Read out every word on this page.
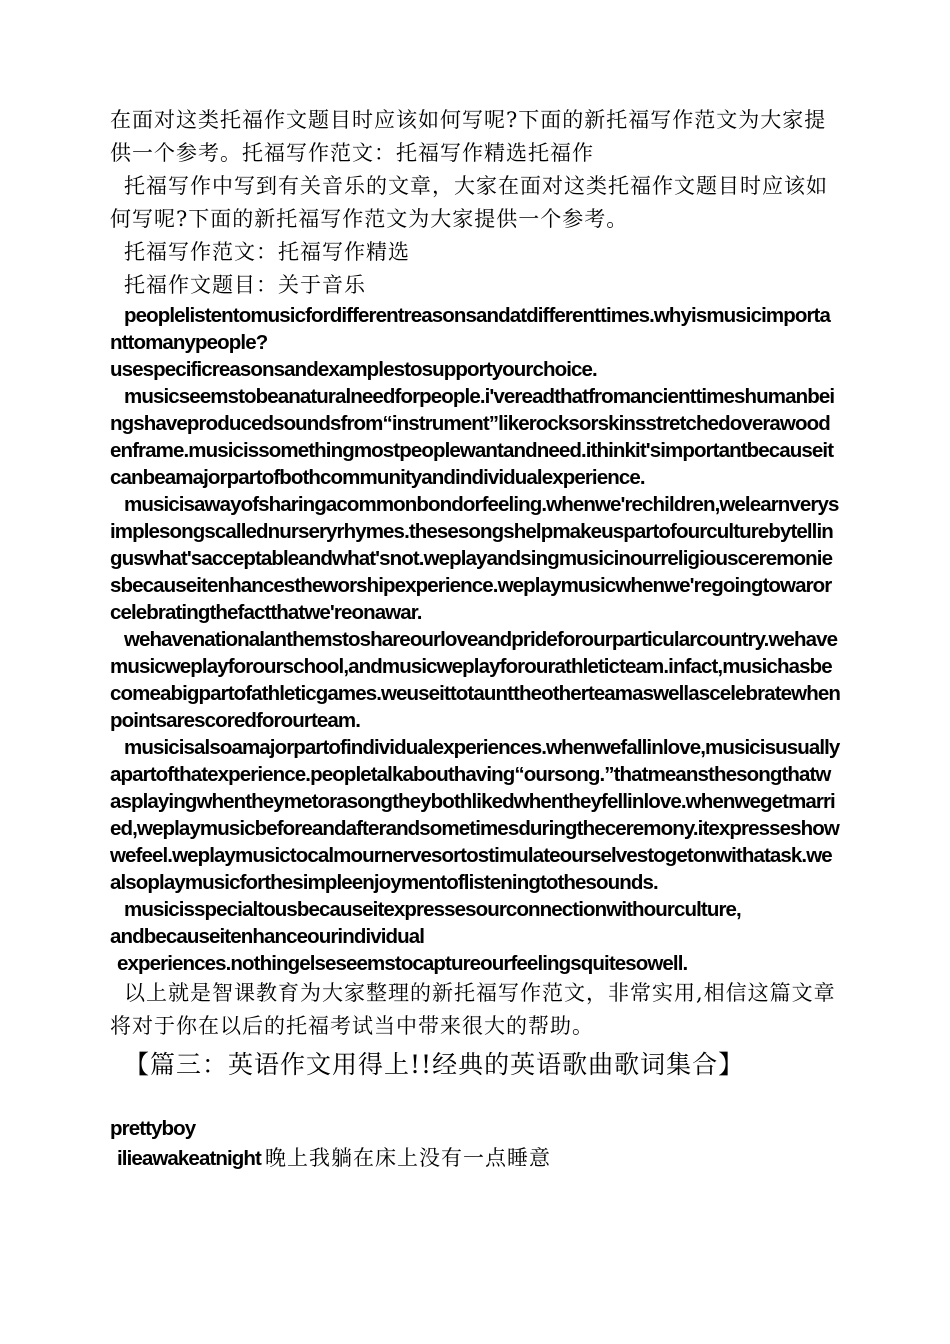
在面对这类托福作文题目时应该如何写呢?下面的新托福写作范文为大家提供一个参考。托福写作范文：托福写作精选托福作

托福写作中写到有关音乐的文章，大家在面对这类托福作文题目时应该如何写呢?下面的新托福写作范文为大家提供一个参考。

托福写作范文：托福写作精选

托福作文题目：关于音乐

peoplelistentomusicfordifferentreasonsandatdifferenttimes.whyismusicimportanttomanypeople?

usespecificreasonsandexamplestosupportyourchoice.

musicseemstobeanaturalneedforpeople.i'vereadthatfromancienttimeshumanbeingshaveproducedsoundsfrom“instrument”likerocksorskinsstretchedoverawoodenframe.musicissomethingmostpeoplewantandneed.ithinkit'simportantbecauseitcanbeamajorpartofbothcommunityandindividualexperience.

musicisawayofsharingacommonbondorfeeling.whenwe'rechildren,welearnverysimplesongscallednurseryrhymes.thesesongshelpmakeuspartofourculturebytellinguswhat'sacceptableandwhat'snot.weplayandsingmusicinourreligiousceremoniesbecauseitenhancestheworshipexperience.weplaymusicwhenwe'regoingtowarorcelebratingthefactthatwe'reonawar.

wehavenationalanthemstoshareourloveandprideforourparticularcountry.wehavemusicweplayforourschool,andmusicweplayforourathleticteam.infact,musichasbecomeabigpartofathleticgames.weuseittotaunttheotherteamaswellascelebratewhenpointsarescoredforourteam.

musicisalsoamajorpartofindividualexperiences.whenwefallinlove,musicisusuallyapartofthatexperience.peopletalkabouthaving“oursong.”thatmeansthesongthatwasplayingwhentheymetorasongtheybothlikedwhentheyfellinlove.whenwegetmarried,weplaymusicbeforeandafterandsometimesduringtheceremony.itexpresseshowwefeel.weplaymusictocalmournervesortostimulateourselvestogetonwithatask.wealsoplaymusicforthesimpleenjoymentoflisteningtothesounds.

musicisspecialtousbecauseitexpressesourconnectionwithourculture,

andbecauseitenhanceourindividual

experiences.nothingelseseemstocaptureourfeelingsquitesowell.

以上就是智课教育为大家整理的新托福写作范文，非常实用,相信这篇文章将对于你在以后的托福考试当中带来很大的帮助。

【篇三：英语作文用得上!!经典的英语歌曲歌词集合】

prettyboy

ilieawakeatnight 晚上我躺在床上没有一点睡意
